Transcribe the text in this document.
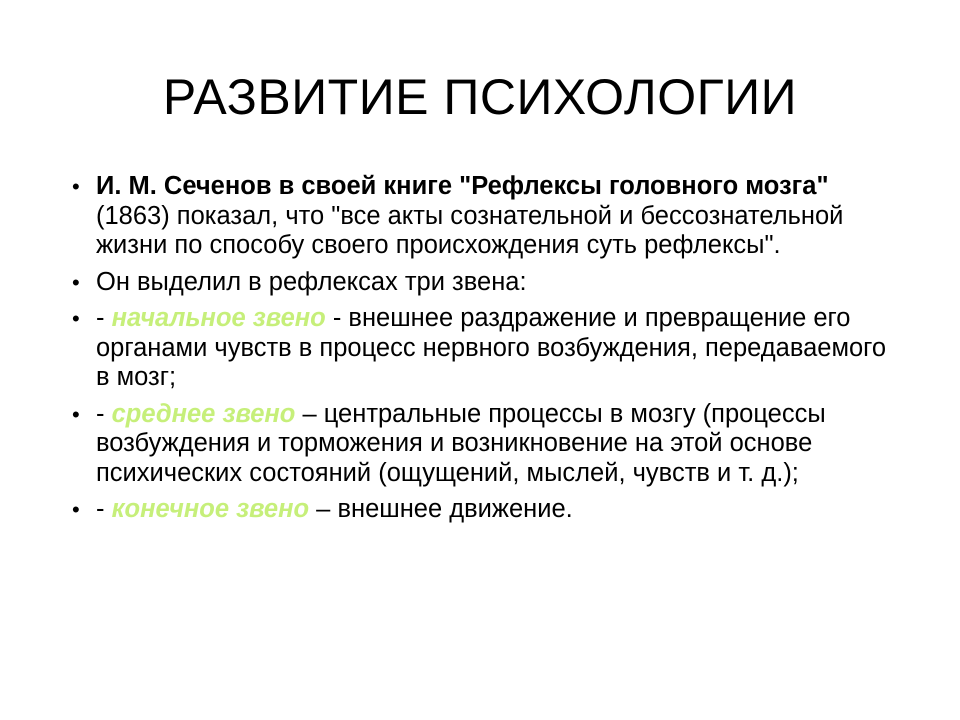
РАЗВИТИЕ ПСИХОЛОГИИ
• И. М. Сеченов в своей книге "Рефлексы головного мозга" (1863) показал, что "все акты сознательной и бессознательной жизни по способу своего происхождения суть рефлексы".
• Он выделил в рефлексах три звена:
• - начальное звено - внешнее раздражение и превращение его органами чувств в процесс нервного возбуждения, передаваемого в мозг;
• - среднее звено – центральные процессы в мозгу (процессы возбуждения и торможения и возникновение на этой основе психических состояний (ощущений, мыслей, чувств и т. д.);
• - конечное звено – внешнее движение.
